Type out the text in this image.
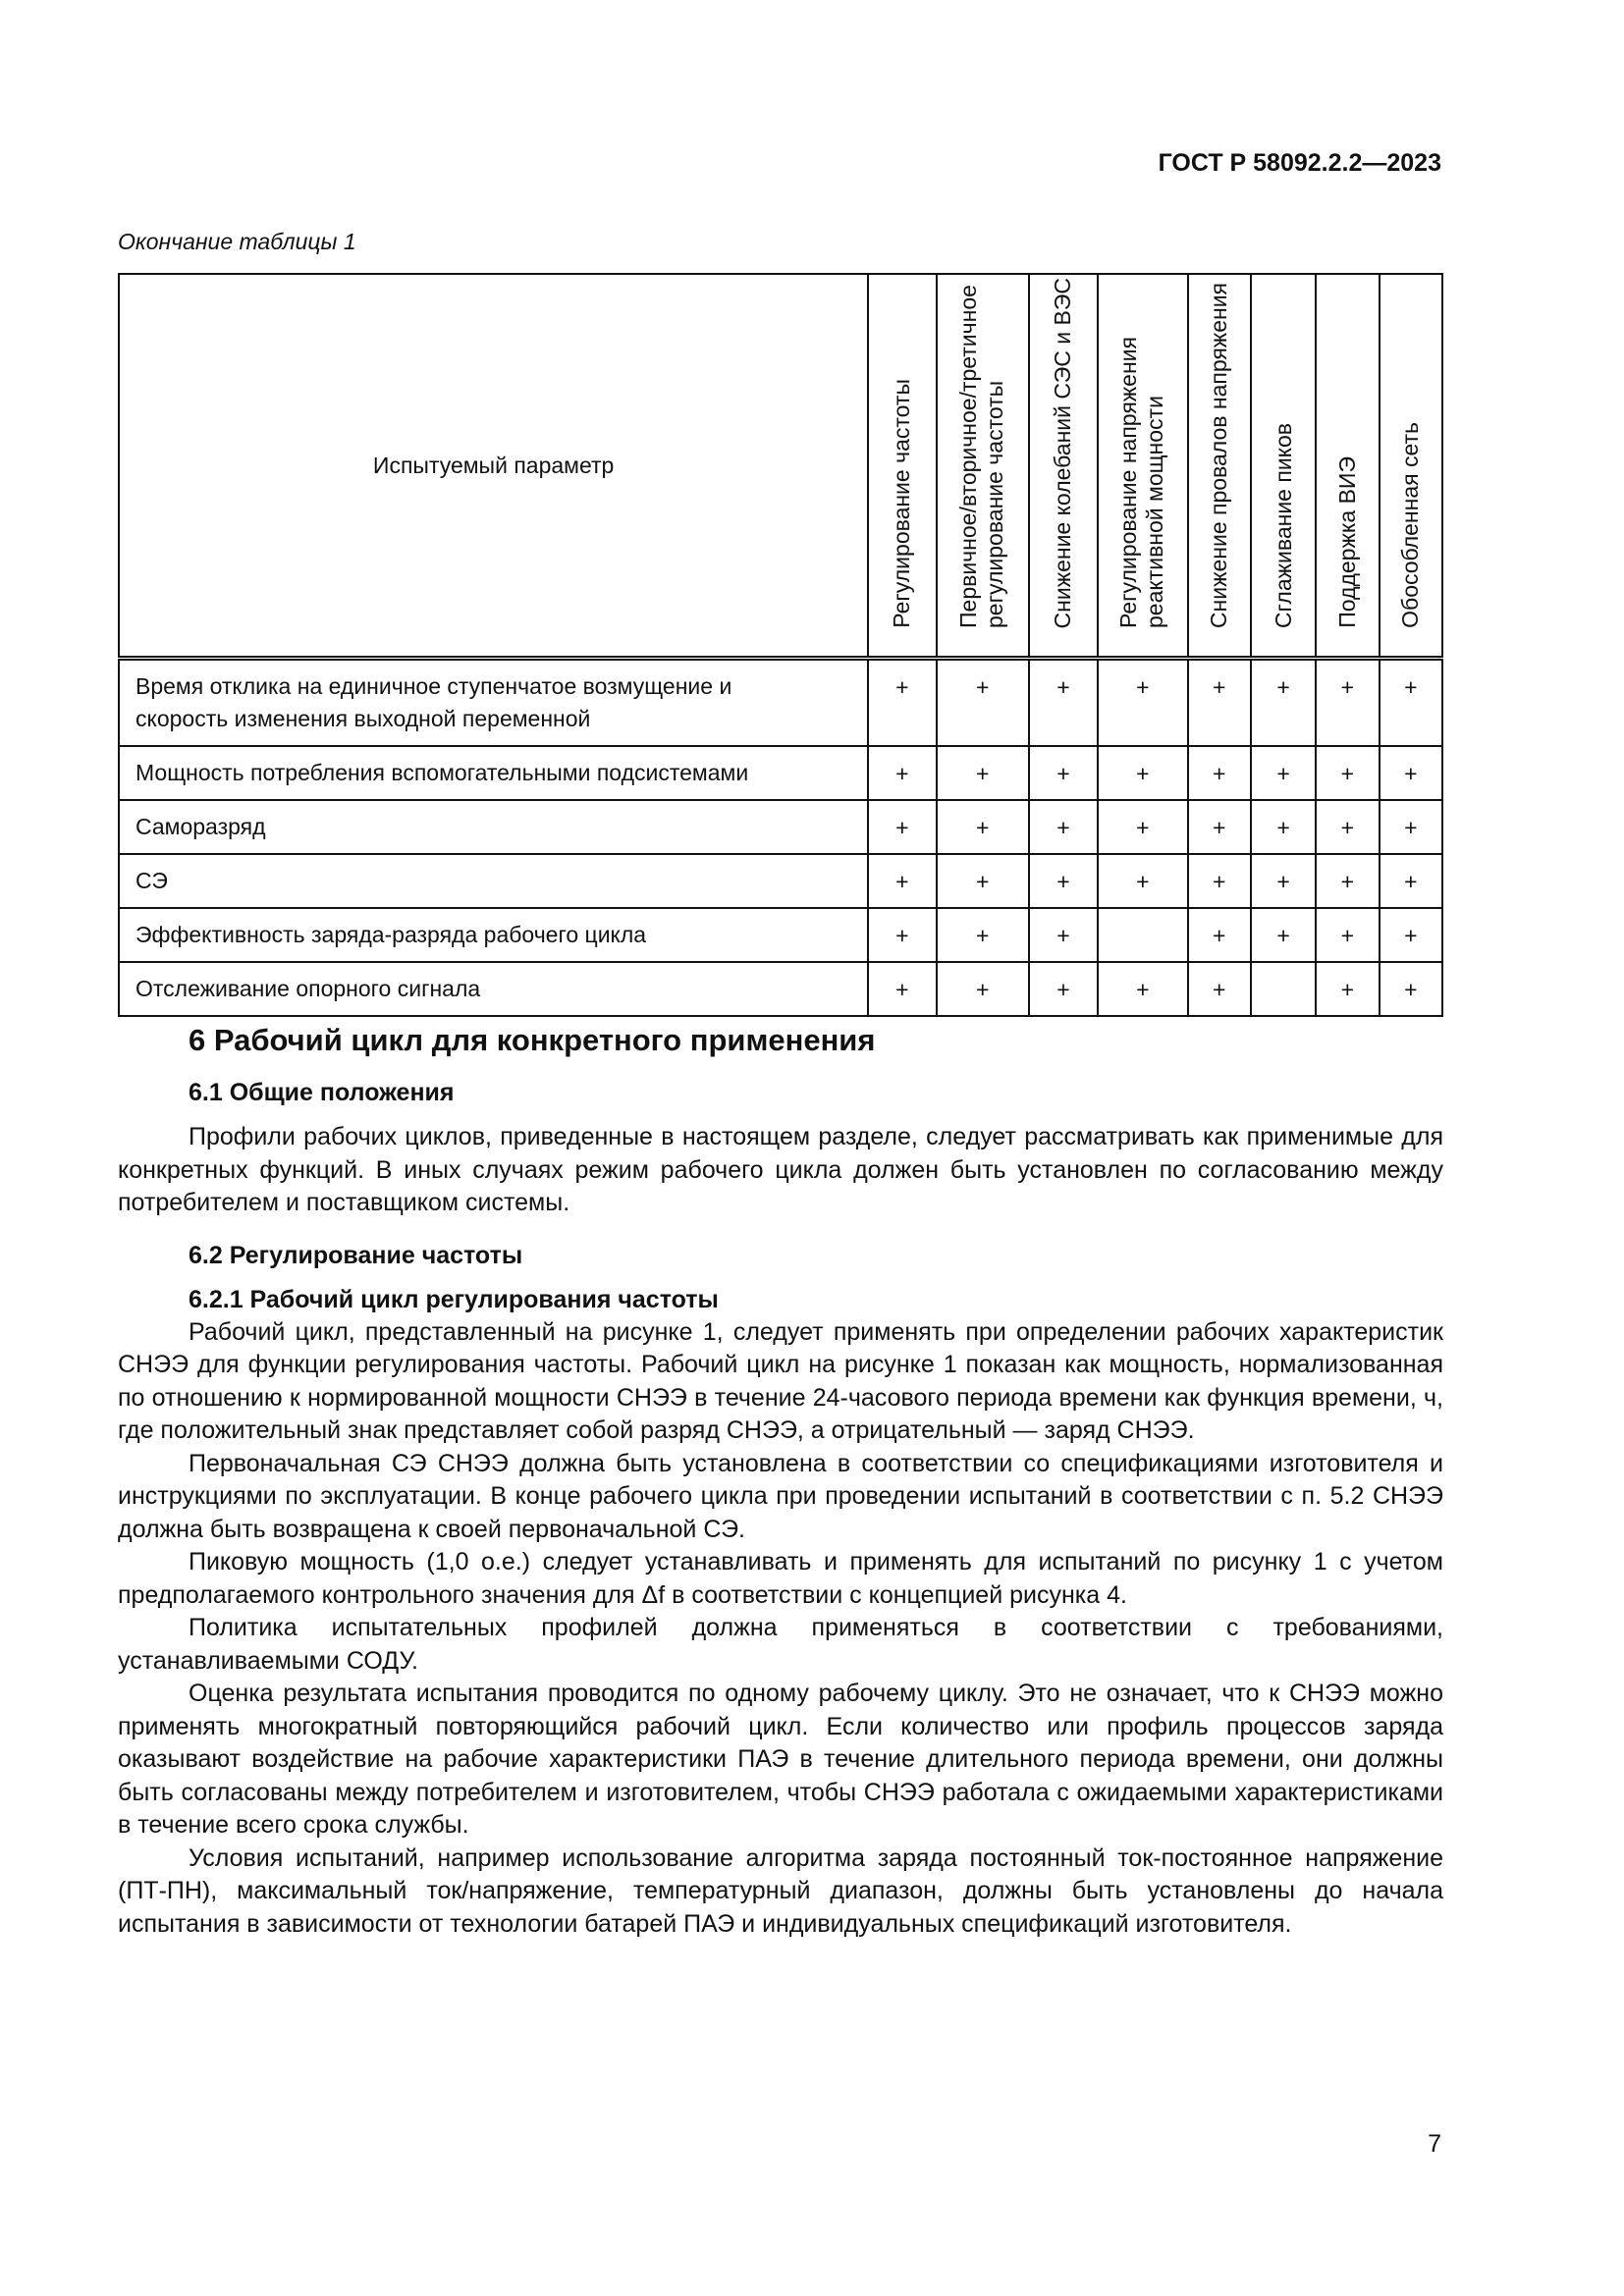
ГОСТ Р 58092.2.2—2023
Окончание таблицы 1
Испытуемый параметр	Регулирование частоты	Первичное/вторичное/третичное регулирование частоты	Снижение колебаний СЭС и ВЭС	Регулирование напряжения реактивной мощности	Снижение провалов напряжения	Сглаживание пиков	Поддержка ВИЭ	Обособленная сеть

Время отклика на единичное ступенчатое возмущение и скорость изменения выходной переменной	+	+	+	+	+	+	+	+
Мощность потребления вспомогательными подсистемами	+	+	+	+	+	+	+	+
Саморазряд	+	+	+	+	+	+	+	+
СЭ	+	+	+	+	+	+	+	+
Эффективность заряда-разряда рабочего цикла	+	+	+		+	+	+	+
Отслеживание опорного сигнала	+	+	+	+	+		+	+
6 Рабочий цикл для конкретного применения
6.1 Общие положения

Профили рабочих циклов, приведенные в настоящем разделе, следует рассматривать как применимые для конкретных функций. В иных случаях режим рабочего цикла должен быть установлен по согласованию между потребителем и поставщиком системы.

6.2 Регулирование частоты
6.2.1 Рабочий цикл регулирования частоты

Рабочий цикл, представленный на рисунке 1, следует применять при определении рабочих характеристик СНЭЭ для функции регулирования частоты. Рабочий цикл на рисунке 1 показан как мощность, нормализованная по отношению к нормированной мощности СНЭЭ в течение 24-часового периода времени как функция времени, ч, где положительный знак представляет собой разряд СНЭЭ, а отрицательный — заряд СНЭЭ.

Первоначальная СЭ СНЭЭ должна быть установлена в соответствии со спецификациями изготовителя и инструкциями по эксплуатации. В конце рабочего цикла при проведении испытаний в соответствии с п. 5.2 СНЭЭ должна быть возвращена к своей первоначальной СЭ.

Пиковую мощность (1,0 о.е.) следует устанавливать и применять для испытаний по рисунку 1 с учетом предполагаемого контрольного значения для Δf в соответствии с концепцией рисунка 4.

Политика испытательных профилей должна применяться в соответствии с требованиями, устанавливаемыми СОДУ.

Оценка результата испытания проводится по одному рабочему циклу. Это не означает, что к СНЭЭ можно применять многократный повторяющийся рабочий цикл. Если количество или профиль процессов заряда оказывают воздействие на рабочие характеристики ПАЭ в течение длительного периода времени, они должны быть согласованы между потребителем и изготовителем, чтобы СНЭЭ работала с ожидаемыми характеристиками в течение всего срока службы.

Условия испытаний, например использование алгоритма заряда постоянный ток-постоянное напряжение (ПТ-ПН), максимальный ток/напряжение, температурный диапазон, должны быть установлены до начала испытания в зависимости от технологии батарей ПАЭ и индивидуальных спецификаций изготовителя.

7
